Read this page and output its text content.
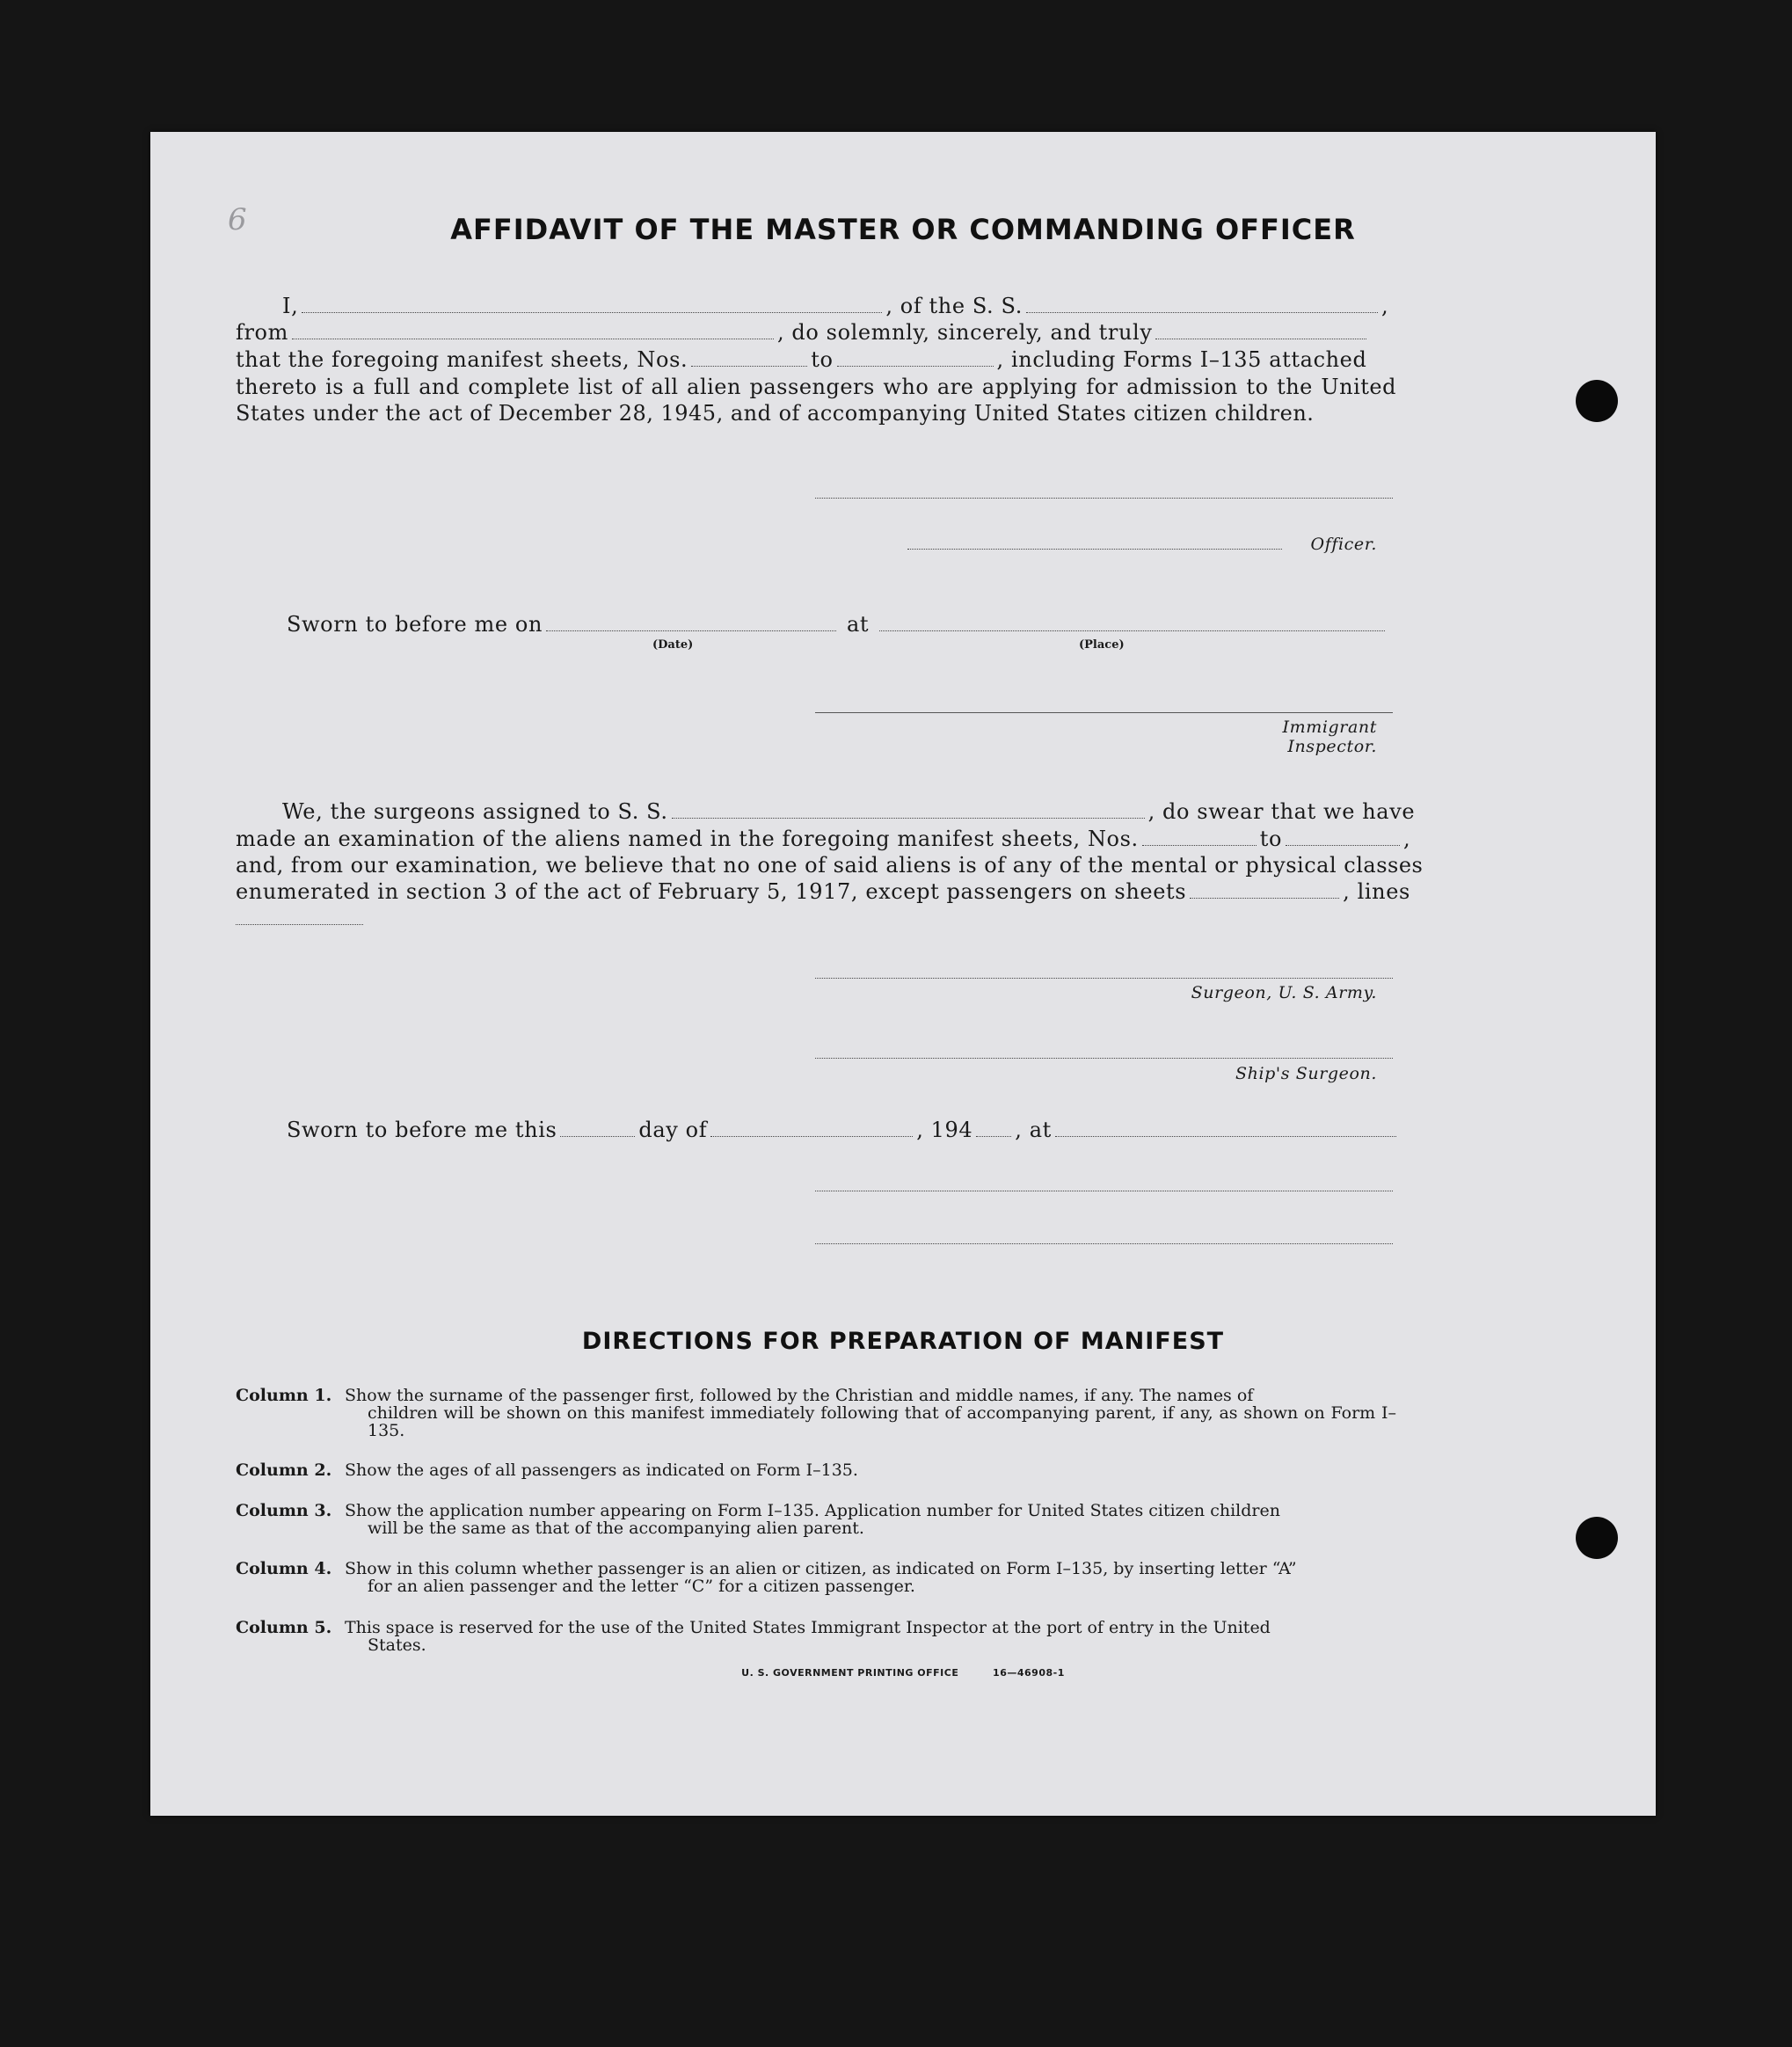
6	AFFIDAVIT OF THE MASTER OR COMMANDING OFFICER
I,	, of the S. S.	,
from	, do solemnly, sincerely, and truly
that the foregoing manifest sheets, Nos.	to	, including Forms I–135 attached
thereto is a full and complete list of all alien passengers who are applying for admission to the United
States under the act of December 28, 1945, and of accompanying United States citizen children.
Officer.
Sworn to before me on	at
(Date)	(Place)
Immigrant Inspector.
We, the surgeons assigned to S. S.	, do swear that we have
made an examination of the aliens named in the foregoing manifest sheets, Nos.	to	,
and, from our examination, we believe that no one of said aliens is of any of the mental or physical classes
enumerated in section 3 of the act of February 5, 1917, except passengers on sheets	, lines
Surgeon, U. S. Army.
Ship's Surgeon.
Sworn to before me this	day of	, 194 , at
DIRECTIONS FOR PREPARATION OF MANIFEST
Column 1. Show the surname of the passenger first, followed by the Christian and middle names, if any. The names of
children will be shown on this manifest immediately following that of accompanying parent, if any, as shown on Form I–135.
Column 2. Show the ages of all passengers as indicated on Form I–135.
Column 3. Show the application number appearing on Form I–135. Application number for United States citizen children
will be the same as that of the accompanying alien parent.
Column 4. Show in this column whether passenger is an alien or citizen, as indicated on Form I–135, by inserting letter “A”
for an alien passenger and the letter “C” for a citizen passenger.
Column 5. This space is reserved for the use of the United States Immigrant Inspector at the port of entry in the United
States.
U. S. GOVERNMENT PRINTING OFFICE	16—46908-1
